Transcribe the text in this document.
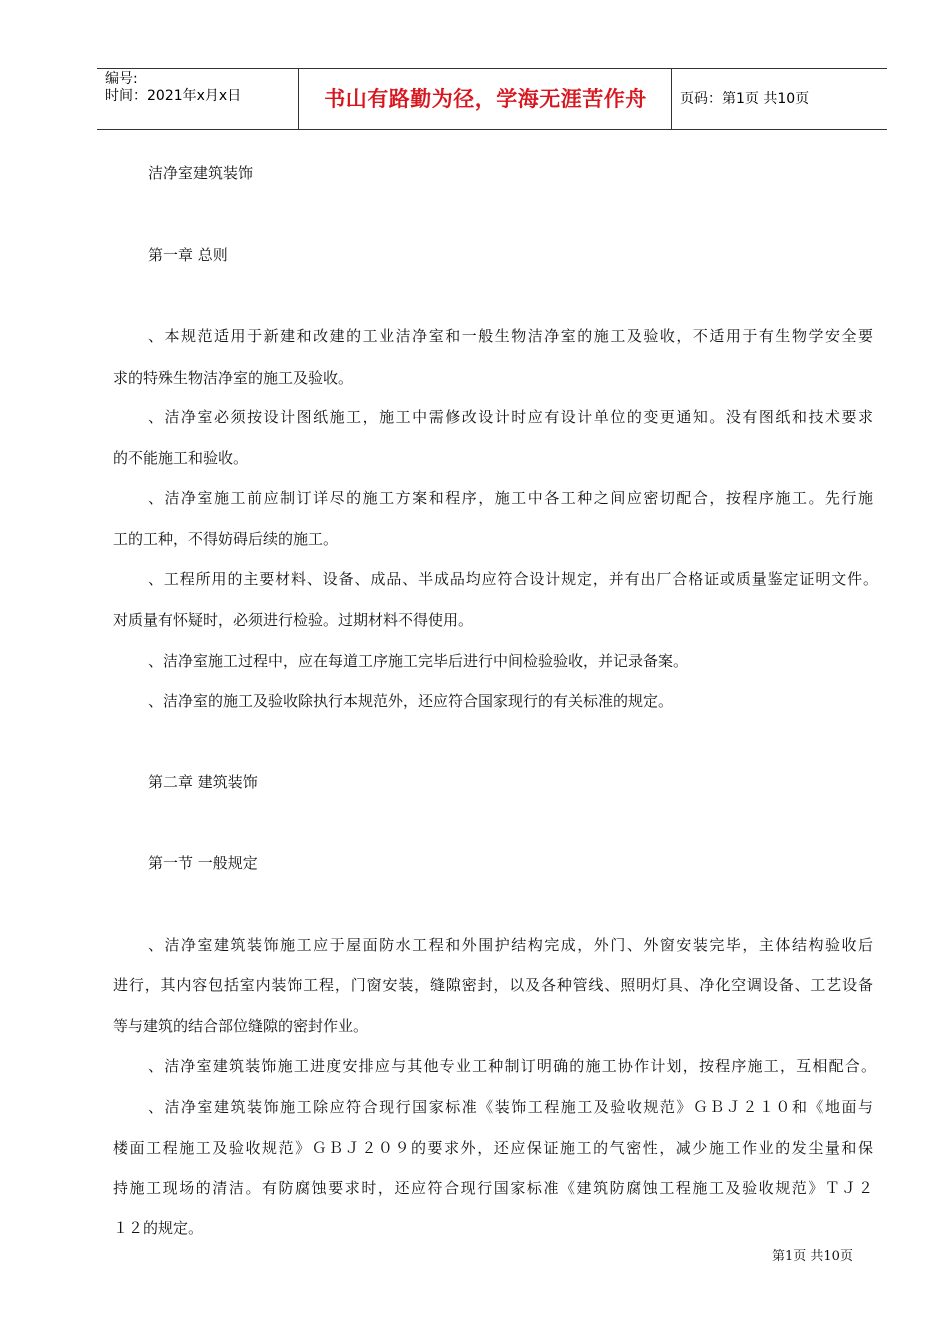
编号:
时间：2021年x月x日	书山有路勤为径，学海无涯苦作舟	页码：第1页 共10页
洁净室建筑装饰
第一章 总则
、本规范适用于新建和改建的工业洁净室和一般生物洁净室的施工及验收，不适用于有生物学安全要
求的特殊生物洁净室的施工及验收。
、洁净室必须按设计图纸施工，施工中需修改设计时应有设计单位的变更通知。没有图纸和技术要求
的不能施工和验收。
、洁净室施工前应制订详尽的施工方案和程序，施工中各工种之间应密切配合，按程序施工。先行施
工的工种，不得妨碍后续的施工。
、工程所用的主要材料、设备、成品、半成品均应符合设计规定，并有出厂合格证或质量鉴定证明文件。
对质量有怀疑时，必须进行检验。过期材料不得使用。
、洁净室施工过程中，应在每道工序施工完毕后进行中间检验验收，并记录备案。
、洁净室的施工及验收除执行本规范外，还应符合国家现行的有关标准的规定。
第二章 建筑装饰
第一节 一般规定
、洁净室建筑装饰施工应于屋面防水工程和外围护结构完成，外门、外窗安装完毕，主体结构验收后
进行，其内容包括室内装饰工程，门窗安装，缝隙密封，以及各种管线、照明灯具、净化空调设备、工艺设备
等与建筑的结合部位缝隙的密封作业。
、洁净室建筑装饰施工进度安排应与其他专业工种制订明确的施工协作计划，按程序施工，互相配合。
、洁净室建筑装饰施工除应符合现行国家标准《装饰工程施工及验收规范》ＧＢＪ２１０和《地面与
楼面工程施工及验收规范》ＧＢＪ２０９的要求外，还应保证施工的气密性，减少施工作业的发尘量和保
持施工现场的清洁。有防腐蚀要求时，还应符合现行国家标准《建筑防腐蚀工程施工及验收规范》ＴＪ２
１２的规定。
第1页 共10页
